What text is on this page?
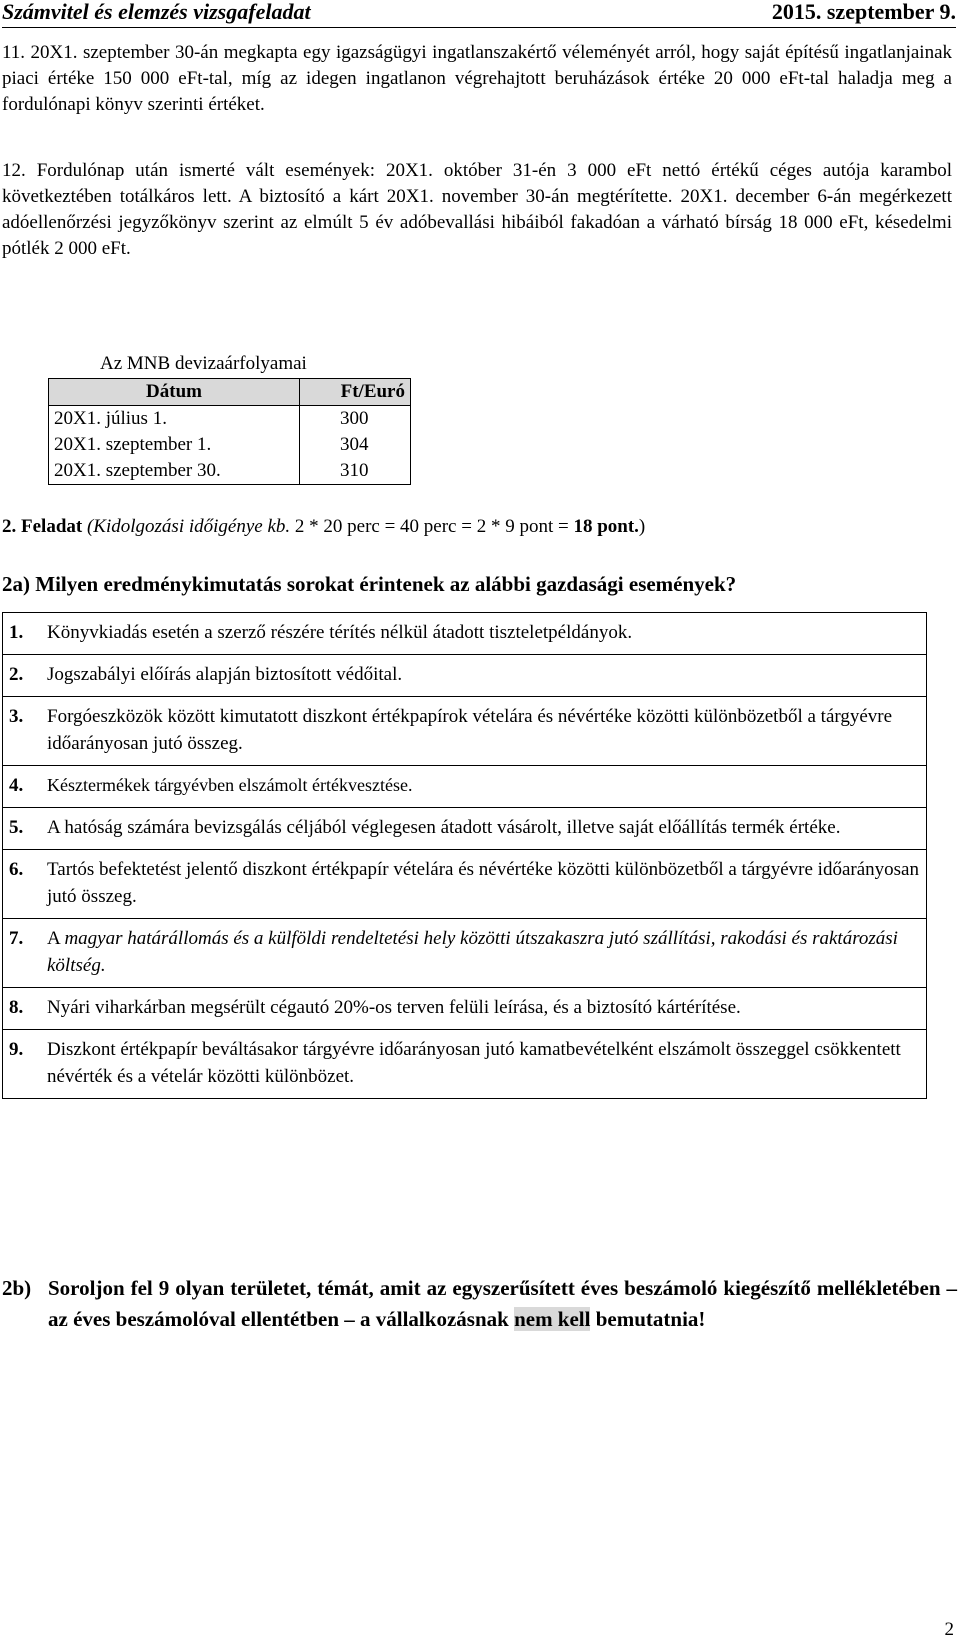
Számvitel és elemzés vizsgafeladat	2015. szeptember 9.

11. 20X1. szeptember 30-án megkapta egy igazságügyi ingatlanszakértő véleményét arról, hogy saját építésű ingatlanjainak piaci értéke 150 000 eFt-tal, míg az idegen ingatlanon végrehajtott beruházások értéke 20 000 eFt-tal haladja meg a fordulónapi könyv szerinti értéket.

12. Fordulónap után ismerté vált események: 20X1. október 31-én 3 000 eFt nettó értékű céges autója karambol következtében totálkáros lett. A biztosító a kárt 20X1. november 30-án megtérítette. 20X1. december 6-án megérkezett adóellenőrzési jegyzőkönyv szerint az elmúlt 5 év adóbevallási hibáiból fakadóan a várható bírság 18 000 eFt, késedelmi pótlék 2 000 eFt.

Az MNB devizaárfolyamai
Dátum	Ft/Euró
20X1. július 1.	300
20X1. szeptember 1.	304
20X1. szeptember 30.	310
2. Feladat (Kidolgozási időigénye kb. 2 * 20 perc = 40 perc = 2 * 9 pont = 18 pont.)
2a) Milyen eredménykimutatás sorokat érintenek az alábbi gazdasági események?
1.	Könyvkiadás esetén a szerző részére térítés nélkül átadott tiszteletpéldányok.
2.	Jogszabályi előírás alapján biztosított védőital.
3.	Forgóeszközök között kimutatott diszkont értékpapírok vételára és névértéke közötti különbözetből a tárgyévre időarányosan jutó összeg.
4.	Késztermékek tárgyévben elszámolt értékvesztése.
5.	A hatóság számára bevizsgálás céljából véglegesen átadott vásárolt, illetve saját előállítás termék értéke.
6.	Tartós befektetést jelentő diszkont értékpapír vételára és névértéke közötti különbözetből a tárgyévre időarányosan jutó összeg.
7.	A magyar határállomás és a külföldi rendeltetési hely közötti útszakaszra jutó szállítási, rakodási és raktározási költség.
8.	Nyári viharkárban megsérült cégautó 20%-os terven felüli leírása, és a biztosító kártérítése.
9.	Diszkont értékpapír beváltásakor tárgyévre időarányosan jutó kamatbevételként elszámolt összeggel csökkentett névérték és a vételár közötti különbözet.
2b) Soroljon fel 9 olyan területet, témát, amit az egyszerűsített éves beszámoló kiegészítő mellékletében – az éves beszámolóval ellentétben – a vállalkozásnak nem kell bemutatnia!
2
